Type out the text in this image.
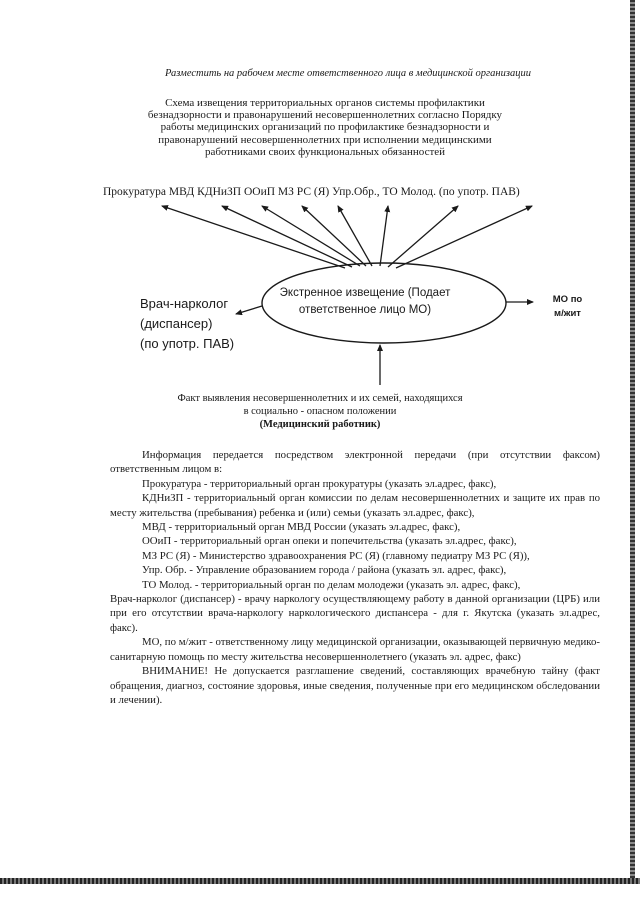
Разместить на рабочем месте ответственного лица в медицинской организации
Схема извещения территориальных органов системы профилактики
безнадзорности и правонарушений несовершеннолетних согласно Порядку
работы медицинских организаций по профилактике безнадзорности и
правонарушений несовершеннолетних при исполнении медицинскими
работниками своих функциональных обязанностей
Прокуратура МВД КДНиЗП ООиП МЗ РС (Я) Упр.Обр., ТО Молод. (по употр. ПАВ)
Экстренное извещение (Подает
ответственное лицо МО)
Врач-нарколог
(диспансер)
(по употр. ПАВ)
МО по
м/жит
Факт выявления несовершеннолетних и их семей, находящихся
в социально - опасном положении
(Медицинский работник)

Информация передается посредством электронной передачи (при отсутствии факсом) ответственным лицом в:

Прокуратура - территориальный орган прокуратуры (указать эл.адрес, факс),

КДНиЗП - территориальный орган комиссии по делам несовершеннолетних и защите их прав по месту жительства (пребывания) ребенка и (или) семьи (указать эл.адрес, факс),

МВД - территориальный орган МВД России (указать эл.адрес, факс),

ООиП - территориальный орган опеки и попечительства (указать эл.адрес, факс),

МЗ РС (Я) - Министерство здравоохранения РС (Я) (главному педиатру МЗ РС (Я)),

Упр. Обр. - Управление образованием города / района (указать эл. адрес, факс),

ТО Молод. - территориальный орган по делам молодежи (указать эл. адрес, факс),

Врач-нарколог (диспансер) - врачу наркологу осуществляющему работу в данной организации (ЦРБ) или при его отсутствии врача-наркологу наркологического диспансера - для г. Якутска (указать эл.адрес, факс).

МО, по м/жит - ответственному лицу медицинской организации, оказывающей первичную медико-санитарную помощь по месту жительства несовершеннолетнего (указать эл. адрес, факс)

ВНИМАНИЕ! Не допускается разглашение сведений, составляющих врачебную тайну (факт обращения, диагноз, состояние здоровья, иные сведения, полученные при его медицинском обследовании и лечении).
